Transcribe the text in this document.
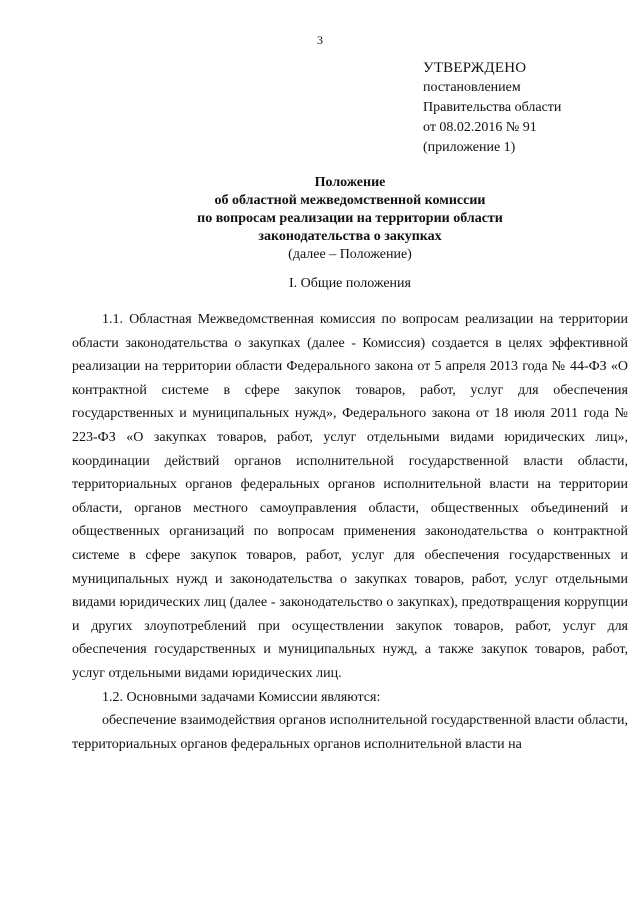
3
УТВЕРЖДЕНО
постановлением
Правительства области
от 08.02.2016 № 91
(приложение 1)
Положение
об областной межведомственной комиссии
по вопросам реализации на территории области
законодательства о закупках
(далее – Положение)
I. Общие положения

1.1. Областная Межведомственная комиссия по вопросам реализации на территории области законодательства о закупках (далее - Комиссия) создается в целях эффективной реализации на территории области Федерального закона от 5 апреля 2013 года № 44-ФЗ «О контрактной системе в сфере закупок товаров, работ, услуг для обеспечения государственных и муниципальных нужд», Федерального закона от 18 июля 2011 года № 223-ФЗ «О закупках товаров, работ, услуг отдельными видами юридических лиц», координации действий органов исполнительной государственной власти области, территориальных органов федеральных органов исполнительной власти на территории области, органов местного самоуправления области, общественных объединений и общественных организаций по вопросам применения законодательства о контрактной системе в сфере закупок товаров, работ, услуг для обеспечения государственных и муниципальных нужд и законодательства о закупках товаров, работ, услуг отдельными видами юридических лиц (далее - законодательство о закупках), предотвращения коррупции и других злоупотреблений при осуществлении закупок товаров, работ, услуг для обеспечения государственных и муниципальных нужд, а также закупок товаров, работ, услуг отдельными видами юридических лиц.

1.2. Основными задачами Комиссии являются:

обеспечение взаимодействия органов исполнительной государственной власти области, территориальных органов федеральных органов исполнительной власти на
